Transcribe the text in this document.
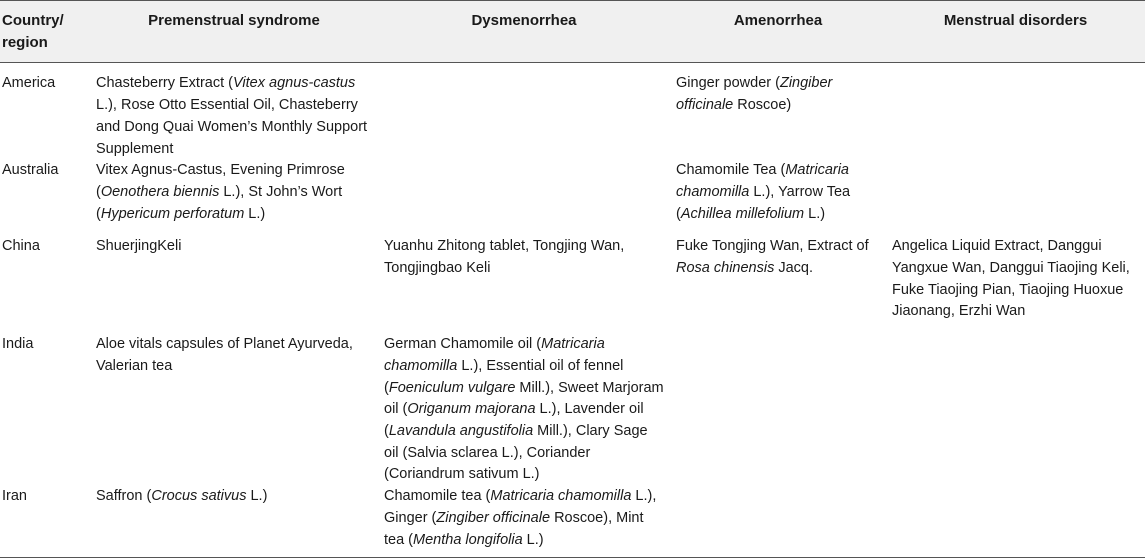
Country/ region	Premenstrual syndrome	Dysmenorrhea	Amenorrhea	Menstrual disorders
America	Chasteberry Extract (Vitex agnus-castus L.), Rose Otto Essential Oil, Chasteberry and Dong Quai Women’s Monthly Support Supplement		Ginger powder (Zingiber officinale Roscoe)	
Australia	Vitex Agnus-Castus, Evening Primrose (Oenothera biennis L.), St John’s Wort (Hypericum perforatum L.)		Chamomile Tea (Matricaria chamomilla L.), Yarrow Tea (Achillea millefolium L.)	
China	ShuerjingKeli	Yuanhu Zhitong tablet, Tongjing Wan, Tongjingbao Keli	Fuke Tongjing Wan, Extract of Rosa chinensis Jacq.	Angelica Liquid Extract, Danggui Yangxue Wan, Danggui Tiaojing Keli, Fuke Tiaojing Pian, Tiaojing Huoxue Jiaonang, Erzhi Wan
India	Aloe vitals capsules of Planet Ayurveda, Valerian tea	German Chamomile oil (Matricaria chamomilla L.), Essential oil of fennel (Foeniculum vulgare Mill.), Sweet Marjoram oil (Origanum majorana L.), Lavender oil (Lavandula angustifolia Mill.), Clary Sage oil (Salvia sclarea L.), Coriander (Coriandrum sativum L.)		
Iran	Saffron (Crocus sativus L.)	Chamomile tea (Matricaria chamomilla L.), Ginger (Zingiber officinale Roscoe), Mint tea (Mentha longifolia L.)		
